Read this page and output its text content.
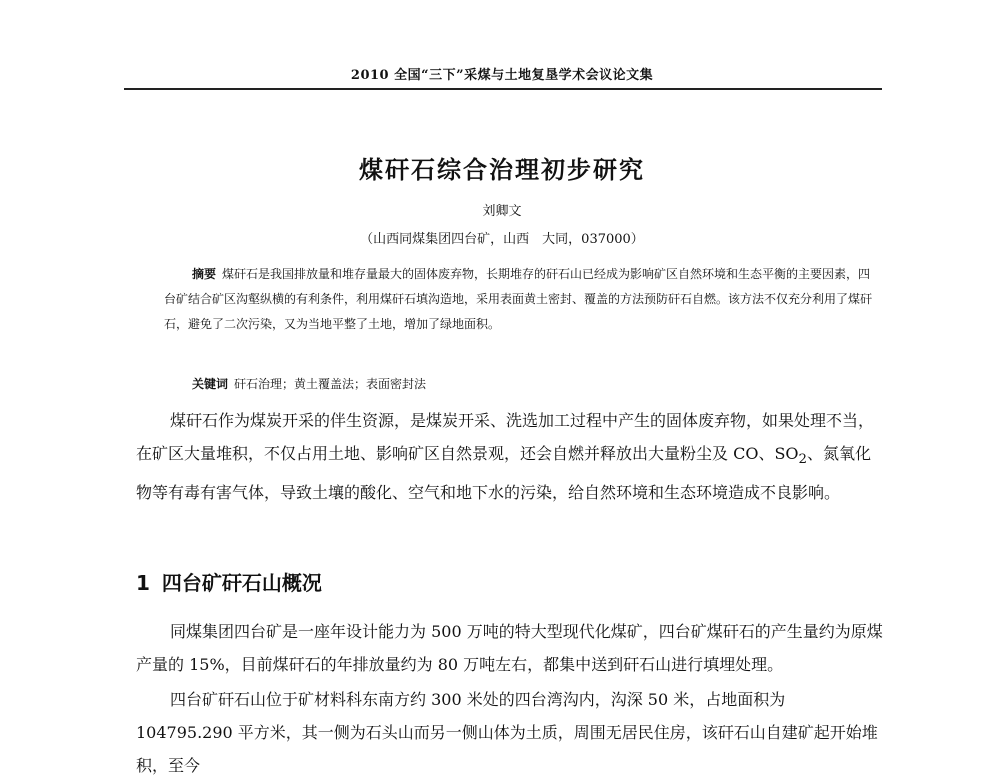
2010 全国“三下”采煤与土地复垦学术会议论文集
煤矸石综合治理初步研究
刘卿文
（山西同煤集团四台矿，山西　大同，037000）
摘要 煤矸石是我国排放量和堆存量最大的固体废弃物，长期堆存的矸石山已经成为影响矿区自然环境和生态平衡的主要因素，四台矿结合矿区沟壑纵横的有利条件，利用煤矸石填沟造地，采用表面黄土密封、覆盖的方法预防矸石自燃。该方法不仅充分利用了煤矸石，避免了二次污染，又为当地平整了土地，增加了绿地面积。
关键词 矸石治理；黄土覆盖法；表面密封法
煤矸石作为煤炭开采的伴生资源，是煤炭开采、洗选加工过程中产生的固体废弃物，如果处理不当，在矿区大量堆积，不仅占用土地、影响矿区自然景观，还会自燃并释放出大量粉尘及 CO、$SO_2$、氮氧化物等有毒有害气体，导致土壤的酸化、空气和地下水的污染，给自然环境和生态环境造成不良影响。
1 四台矿矸石山概况
同煤集团四台矿是一座年设计能力为 500 万吨的特大型现代化煤矿，四台矿煤矸石的产生量约为原煤产量的 15%，目前煤矸石的年排放量约为 80 万吨左右，都集中送到矸石山进行填埋处理。
四台矿矸石山位于矿材料科东南方约 300 米处的四台湾沟内，沟深 50 米，占地面积为 104795.290 平方米，其一侧为石头山而另一侧山体为土质，周围无居民住房，该矸石山自建矿起开始堆积，至今
